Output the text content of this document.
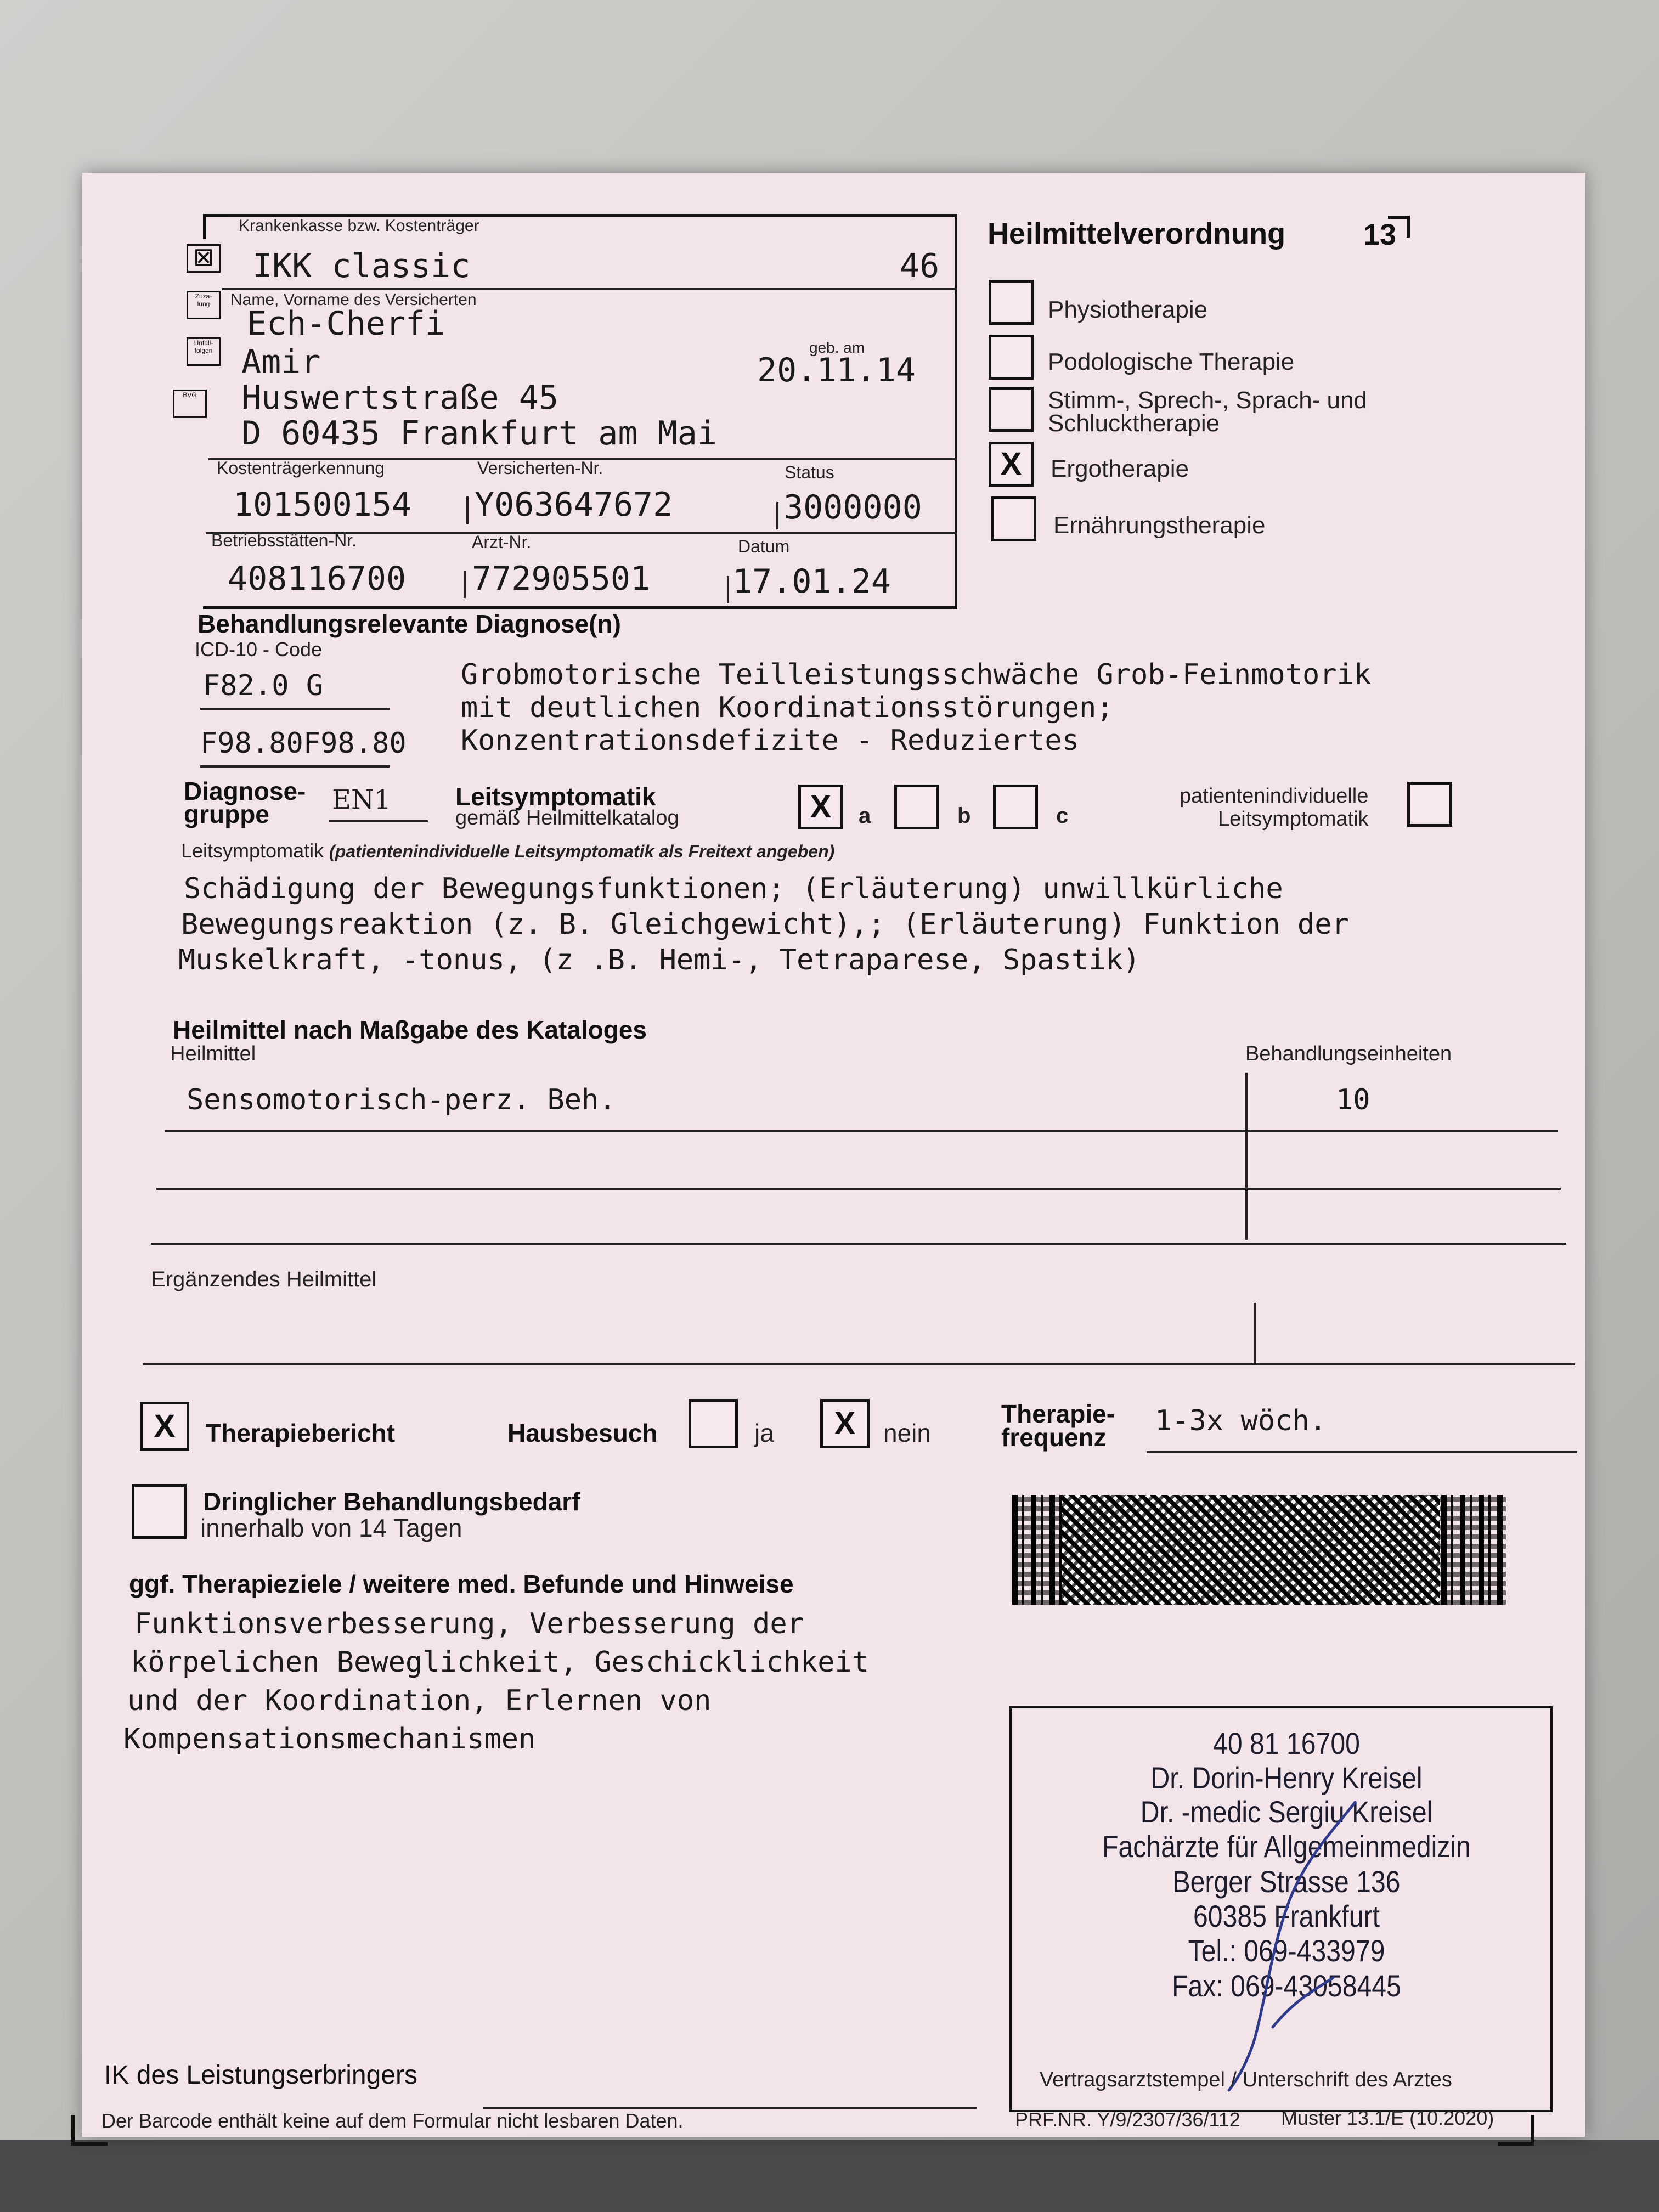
☒
Zuza-
lung
Unfall-
folgen
BVG
Krankenkasse bzw. Kostenträger
IKK classic	46
Name, Vorname des Versicherten
Ech-Cherfi
Amir	geb. am
20.11.14
Huswertstraße 45
D 60435 Frankfurt am Mai
Kostenträgerkennung	Versicherten-Nr.	Status
101500154 Y063647672	3000000
Betriebsstätten-Nr.	Arzt-Nr.	Datum
408116700 772905501 17.01.24
Heilmittelverordnung	13
Physiotherapie
Podologische Therapie
Stimm-, Sprech-, Sprach- und
Schlucktherapie
X	Ergotherapie
Ernährungstherapie
Behandlungsrelevante Diagnose(n)
ICD-10 - Code
F82.0 G
F98.80F98.80
Grobmotorische Teilleistungsschwäche Grob-Feinmotorik
mit deutlichen Koordinationsstörungen;
Konzentrationsdefizite - Reduziertes
Diagnose-
gruppe EN1	Leitsymptomatik
gemäß Heilmittelkatalog	X	a	b	c
patientenindividuelle
Leitsymptomatik
Leitsymptomatik (patientenindividuelle Leitsymptomatik als Freitext angeben)
Schädigung der Bewegungsfunktionen; (Erläuterung) unwillkürliche
Bewegungsreaktion (z. B. Gleichgewicht),; (Erläuterung) Funktion der
Muskelkraft, -tonus, (z .B. Hemi-, Tetraparese, Spastik)
Heilmittel nach Maßgabe des Kataloges
Heilmittel	Behandlungseinheiten
Sensomotorisch-perz. Beh.	10
Ergänzendes Heilmittel
X	Therapiebericht	Hausbesuch	ja	X	nein
Therapie-
frequenz 1-3x wöch.
Dringlicher Behandlungsbedarf
innerhalb von 14 Tagen
ggf. Therapieziele / weitere med. Befunde und Hinweise
Funktionsverbesserung, Verbesserung der
körpelichen Beweglichkeit, Geschicklichkeit
und der Koordination, Erlernen von
Kompensationsmechanismen	40 81 16700
Dr. Dorin-Henry Kreisel
Dr. -medic Sergiu Kreisel
Fachärzte für Allgemeinmedizin
Berger Strasse 136
60385 Frankfurt
Tel.: 069-433979
Fax: 069-43058445
Vertragsarztstempel / Unterschrift des Arztes
IK des Leistungserbringers
Der Barcode enthält keine auf dem Formular nicht lesbaren Daten.	PRF.NR. Y/9/2307/36/112 Muster 13.1/E (10.2020)
